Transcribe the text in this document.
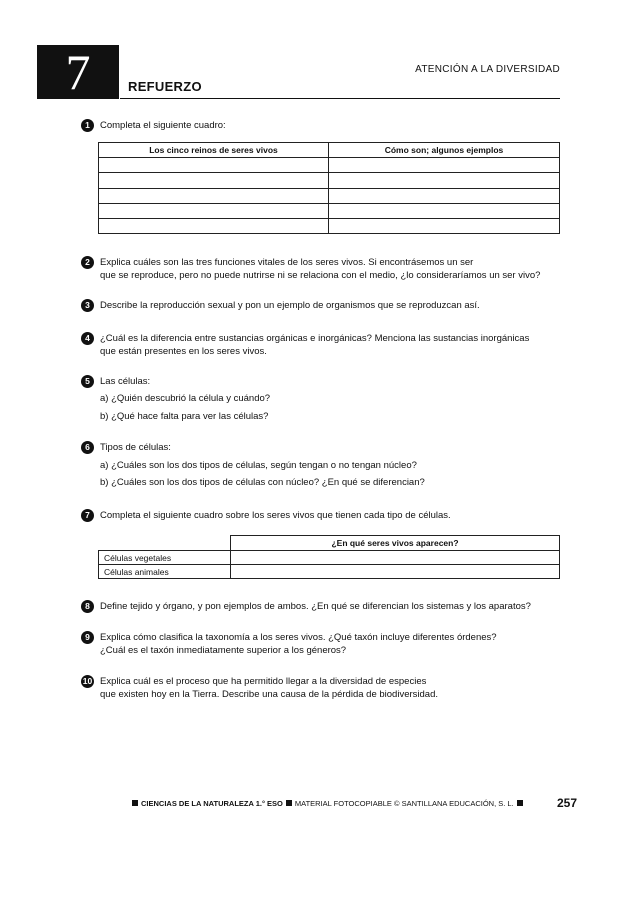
7	REFUERZO
ATENCIÓN A LA DIVERSIDAD
1	Completa el siguiente cuadro:
Los cinco reinos de seres vivos	Cómo son; algunos ejemplos

2	Explica cuáles son las tres funciones vitales de los seres vivos. Si encontrásemos un ser
que se reproduce, pero no puede nutrirse ni se relaciona con el medio, ¿lo consideraríamos un ser vivo?
3	Describe la reproducción sexual y pon un ejemplo de organismos que se reproduzcan así.
4	¿Cuál es la diferencia entre sustancias orgánicas e inorgánicas? Menciona las sustancias inorgánicas
que están presentes en los seres vivos.
5	Las células:
a) ¿Quién descubrió la célula y cuándo?
b) ¿Qué hace falta para ver las células?
6	Tipos de células:
a) ¿Cuáles son los dos tipos de células, según tengan o no tengan núcleo?
b) ¿Cuáles son los dos tipos de células con núcleo? ¿En qué se diferencian?
7	Completa el siguiente cuadro sobre los seres vivos que tienen cada tipo de células.
	¿En qué seres vivos aparecen?
Células vegetales	
Células animales	
8	Define tejido y órgano, y pon ejemplos de ambos. ¿En qué se diferencian los sistemas y los aparatos?
9	Explica cómo clasifica la taxonomía a los seres vivos. ¿Qué taxón incluye diferentes órdenes?
¿Cuál es el taxón inmediatamente superior a los géneros?
10 Explica cuál es el proceso que ha permitido llegar a la diversidad de especies
que existen hoy en la Tierra. Describe una causa de la pérdida de biodiversidad.
CIENCIAS DE LA NATURALEZA 1.° ESO MATERIAL FOTOCOPIABLE © SANTILLANA EDUCACIÓN, S. L.	257
